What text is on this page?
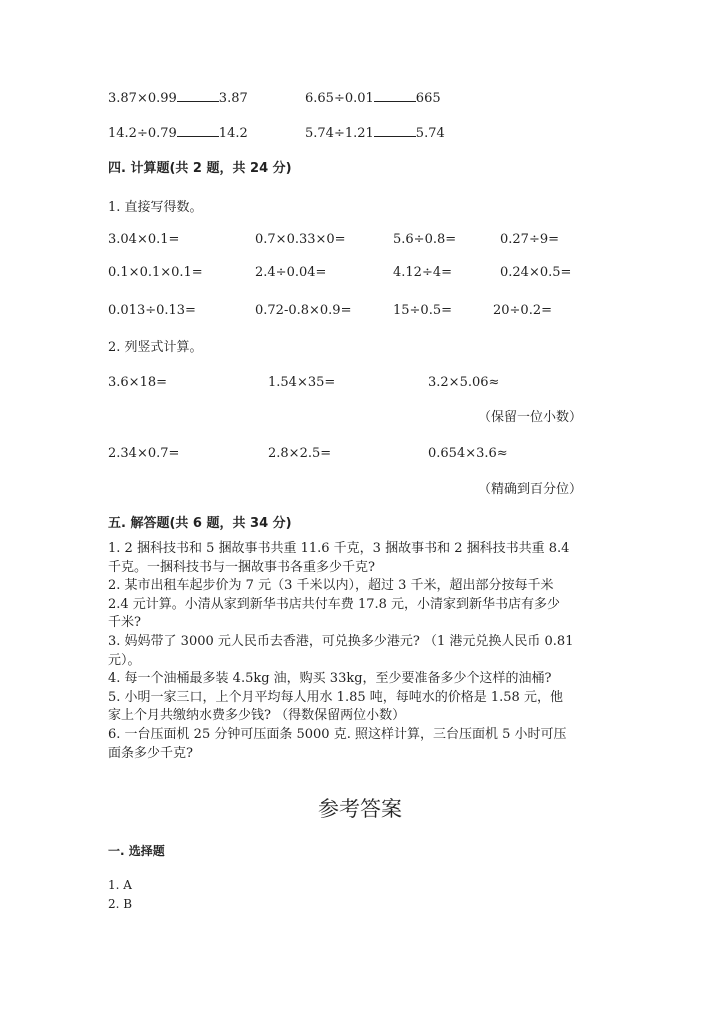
3.87×0.99	3.87	6.65÷0.01	665
14.2÷0.79	14.2	5.74÷1.21	5.74
四. 计算题(共 2 题，共 24 分)
1. 直接写得数。
3.04×0.1=	0.7×0.33×0=	5.6÷0.8=	0.27÷9=
0.1×0.1×0.1=	2.4÷0.04=	4.12÷4=	0.24×0.5=
0.013÷0.13=	0.72-0.8×0.9=	15÷0.5=	20÷0.2=
2. 列竖式计算。
3.6×18=	1.54×35=	3.2×5.06≈
（保留一位小数）
2.34×0.7=	2.8×2.5=	0.654×3.6≈
（精确到百分位）
五. 解答题(共 6 题，共 34 分)
1. 2 捆科技书和 5 捆故事书共重 11.6 千克，3 捆故事书和 2 捆科技书共重 8.4
千克。一捆科技书与一捆故事书各重多少千克?
2. 某市出租车起步价为 7 元（3 千米以内），超过 3 千米，超出部分按每千米
2.4 元计算。小清从家到新华书店共付车费 17.8 元，小清家到新华书店有多少
千米?
3. 妈妈带了 3000 元人民币去香港，可兑换多少港元? （1 港元兑换人民币 0.81
元）。
4. 每一个油桶最多装 4.5kg 油，购买 33kg，至少要准备多少个这样的油桶?
5. 小明一家三口，上个月平均每人用水 1.85 吨，每吨水的价格是 1.58 元，他
家上个月共缴纳水费多少钱? （得数保留两位小数）
6. 一台压面机 25 分钟可压面条 5000 克. 照这样计算，三台压面机 5 小时可压
面条多少千克?
参考答案
一. 选择题
1. A
2. B
